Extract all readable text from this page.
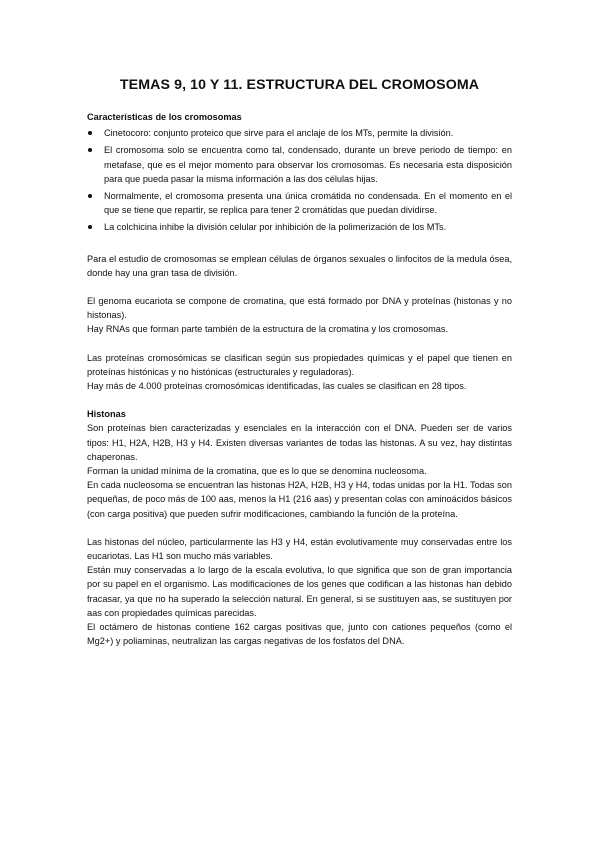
TEMAS 9, 10 Y 11. ESTRUCTURA DEL CROMOSOMA
Características de los cromosomas
Cinetocoro: conjunto proteico que sirve para el anclaje de los MTs, permite la división.
El cromosoma solo se encuentra como tal, condensado, durante un breve periodo de tiempo: en metafase, que es el mejor momento para observar los cromosomas. Es necesaria esta disposición para que pueda pasar la misma información a las dos células hijas.
Normalmente, el cromosoma presenta una única cromátida no condensada. En el momento en el que se tiene que repartir, se replica para tener 2 cromátidas que puedan dividirse.
La colchicina inhibe la división celular por inhibición de la polimerización de los MTs.

Para el estudio de cromosomas se emplean células de órganos sexuales o linfocitos de la medula ósea, donde hay una gran tasa de división.

El genoma eucariota se compone de cromatina, que está formado por DNA y proteínas (histonas y no histonas).

Hay RNAs que forman parte también de la estructura de la cromatina y los cromosomas.

Las proteínas cromosómicas se clasifican según sus propiedades químicas y el papel que tienen en proteínas histónicas y no histónicas (estructurales y reguladoras).

Hay más de 4.000 proteínas cromosómicas identificadas, las cuales se clasifican en 28 tipos.

Histonas

Son proteínas bien caracterizadas y esenciales en la interacción con el DNA. Pueden ser de varios tipos: H1, H2A, H2B, H3 y H4. Existen diversas variantes de todas las histonas. A su vez, hay distintas chaperonas.

Forman la unidad mínima de la cromatina, que es lo que se denomina nucleosoma.

En cada nucleosoma se encuentran las histonas H2A, H2B, H3 y H4, todas unidas por la H1. Todas son pequeñas, de poco más de 100 aas, menos la H1 (216 aas) y presentan colas con aminoácidos básicos (con carga positiva) que pueden sufrir modificaciones, cambiando la función de la proteína.

Las histonas del núcleo, particularmente las H3 y H4, están evolutivamente muy conservadas entre los eucariotas. Las H1 son mucho más variables.

Están muy conservadas a lo largo de la escala evolutiva, lo que significa que son de gran importancia por su papel en el organismo. Las modificaciones de los genes que codifican a las histonas han debido fracasar, ya que no ha superado la selección natural. En general, si se sustituyen aas, se sustituyen por aas con propiedades químicas parecidas.

El octámero de histonas contiene 162 cargas positivas que, junto con cationes pequeños (como el Mg2+) y poliaminas, neutralizan las cargas negativas de los fosfatos del DNA.
